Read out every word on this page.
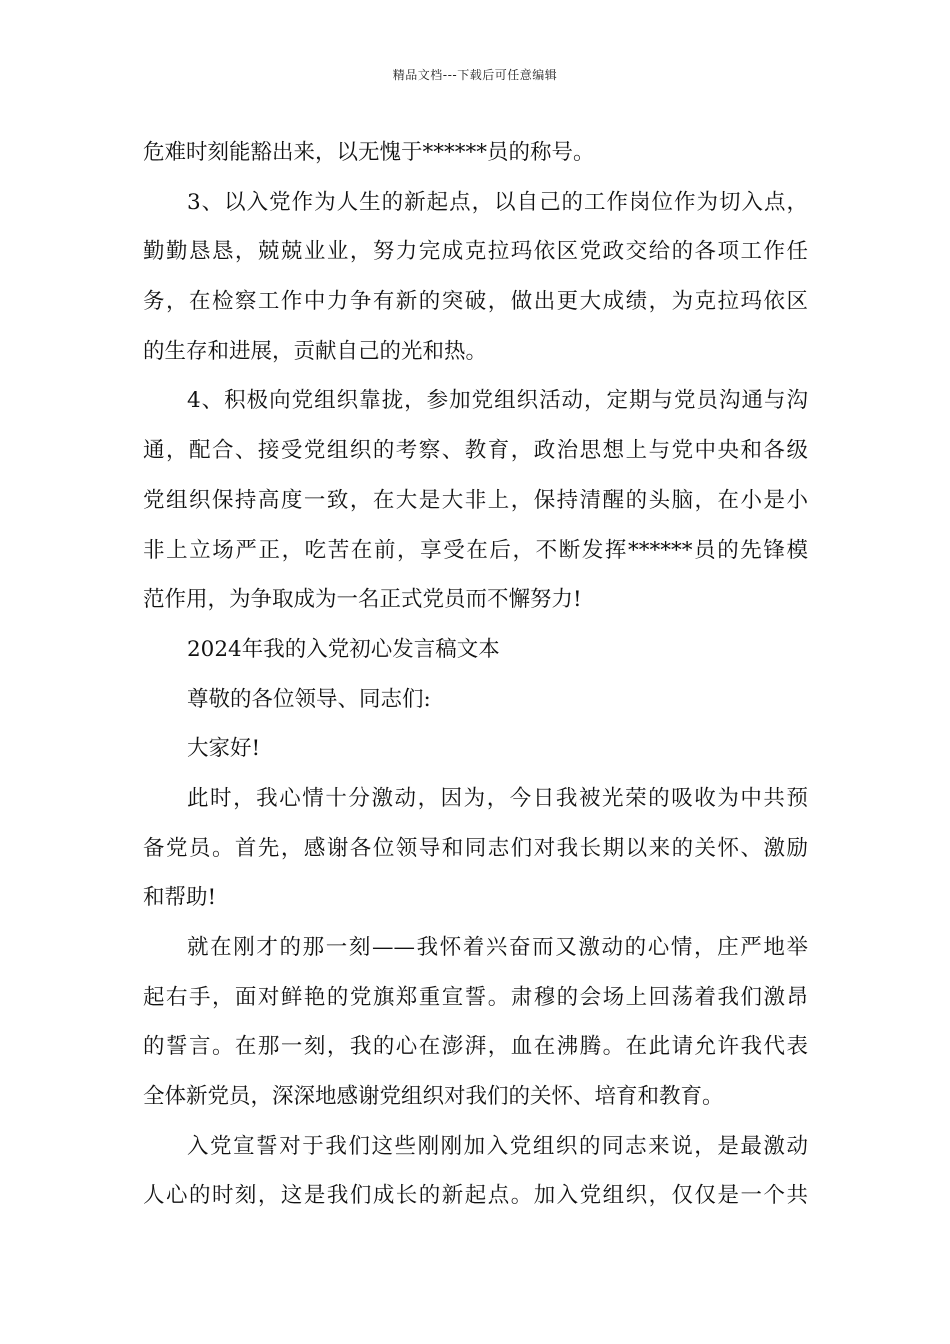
精品文档---下载后可任意编辑
危难时刻能豁出来，以无愧于******员的称号。
3、以入党作为人生的新起点，以自己的工作岗位作为切入点，
勤勤恳恳，兢兢业业，努力完成克拉玛依区党政交给的各项工作任
务，在检察工作中力争有新的突破，做出更大成绩，为克拉玛依区
的生存和进展，贡献自己的光和热。
4、积极向党组织靠拢，参加党组织活动，定期与党员沟通与沟
通，配合、接受党组织的考察、教育，政治思想上与党中央和各级
党组织保持高度一致，在大是大非上，保持清醒的头脑，在小是小
非上立场严正，吃苦在前，享受在后，不断发挥******员的先锋模
范作用，为争取成为一名正式党员而不懈努力!
2024年我的入党初心发言稿文本
尊敬的各位领导、同志们:
大家好!
此时，我心情十分激动，因为，今日我被光荣的吸收为中共预
备党员。首先，感谢各位领导和同志们对我长期以来的关怀、激励
和帮助!
就在刚才的那一刻——我怀着兴奋而又激动的心情，庄严地举
起右手，面对鲜艳的党旗郑重宣誓。肃穆的会场上回荡着我们激昂
的誓言。在那一刻，我的心在澎湃，血在沸腾。在此请允许我代表
全体新党员，深深地感谢党组织对我们的关怀、培育和教育。
入党宣誓对于我们这些刚刚加入党组织的同志来说，是最激动
人心的时刻，这是我们成长的新起点。加入党组织，仅仅是一个共
